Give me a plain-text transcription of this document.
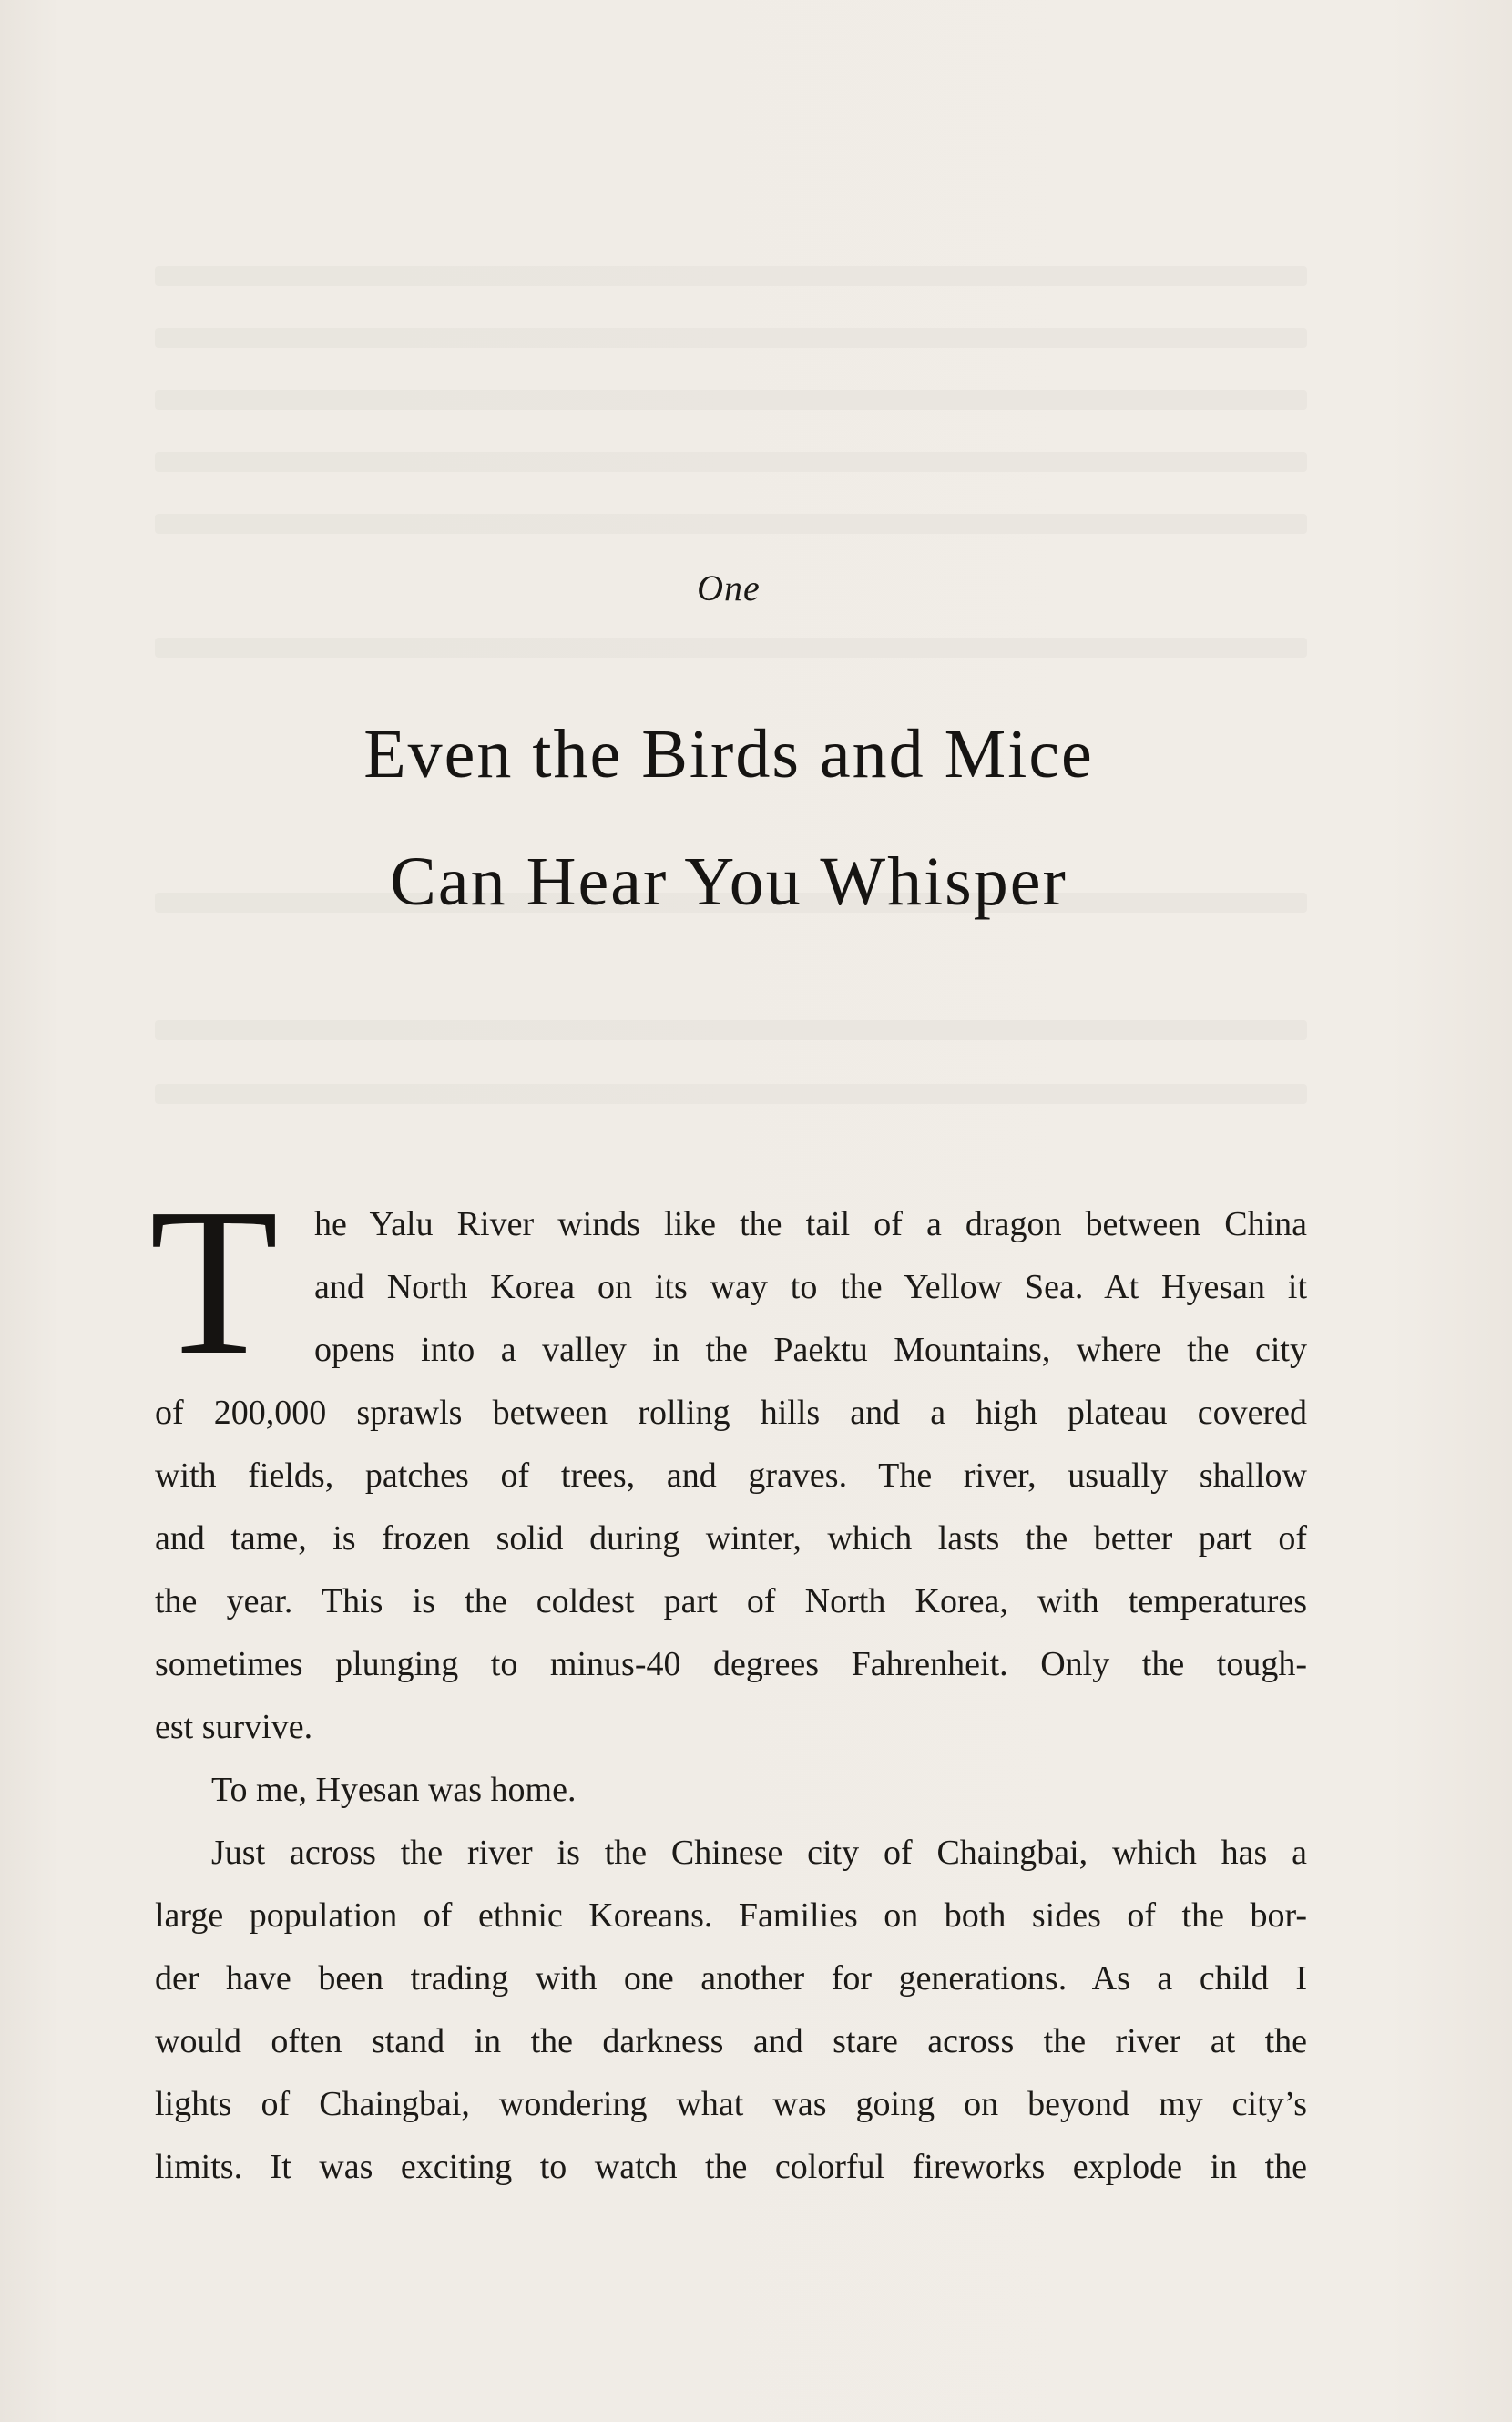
One
Even the Birds and Mice
Can Hear You Whisper
T he Yalu River winds like the tail of a dragon between China
and North Korea on its way to the Yellow Sea. At Hyesan it
opens into a valley in the Paektu Mountains, where the city
of 200,000 sprawls between rolling hills and a high plateau covered
with fields, patches of trees, and graves. The river, usually shallow
and tame, is frozen solid during winter, which lasts the better part of
the year. This is the coldest part of North Korea, with temperatures
sometimes plunging to minus-40 degrees Fahrenheit. Only the tough-
est survive.
To me, Hyesan was home.
Just across the river is the Chinese city of Chaingbai, which has a
large population of ethnic Koreans. Families on both sides of the bor-
der have been trading with one another for generations. As a child I
would often stand in the darkness and stare across the river at the
lights of Chaingbai, wondering what was going on beyond my city’s
limits. It was exciting to watch the colorful fireworks explode in the
